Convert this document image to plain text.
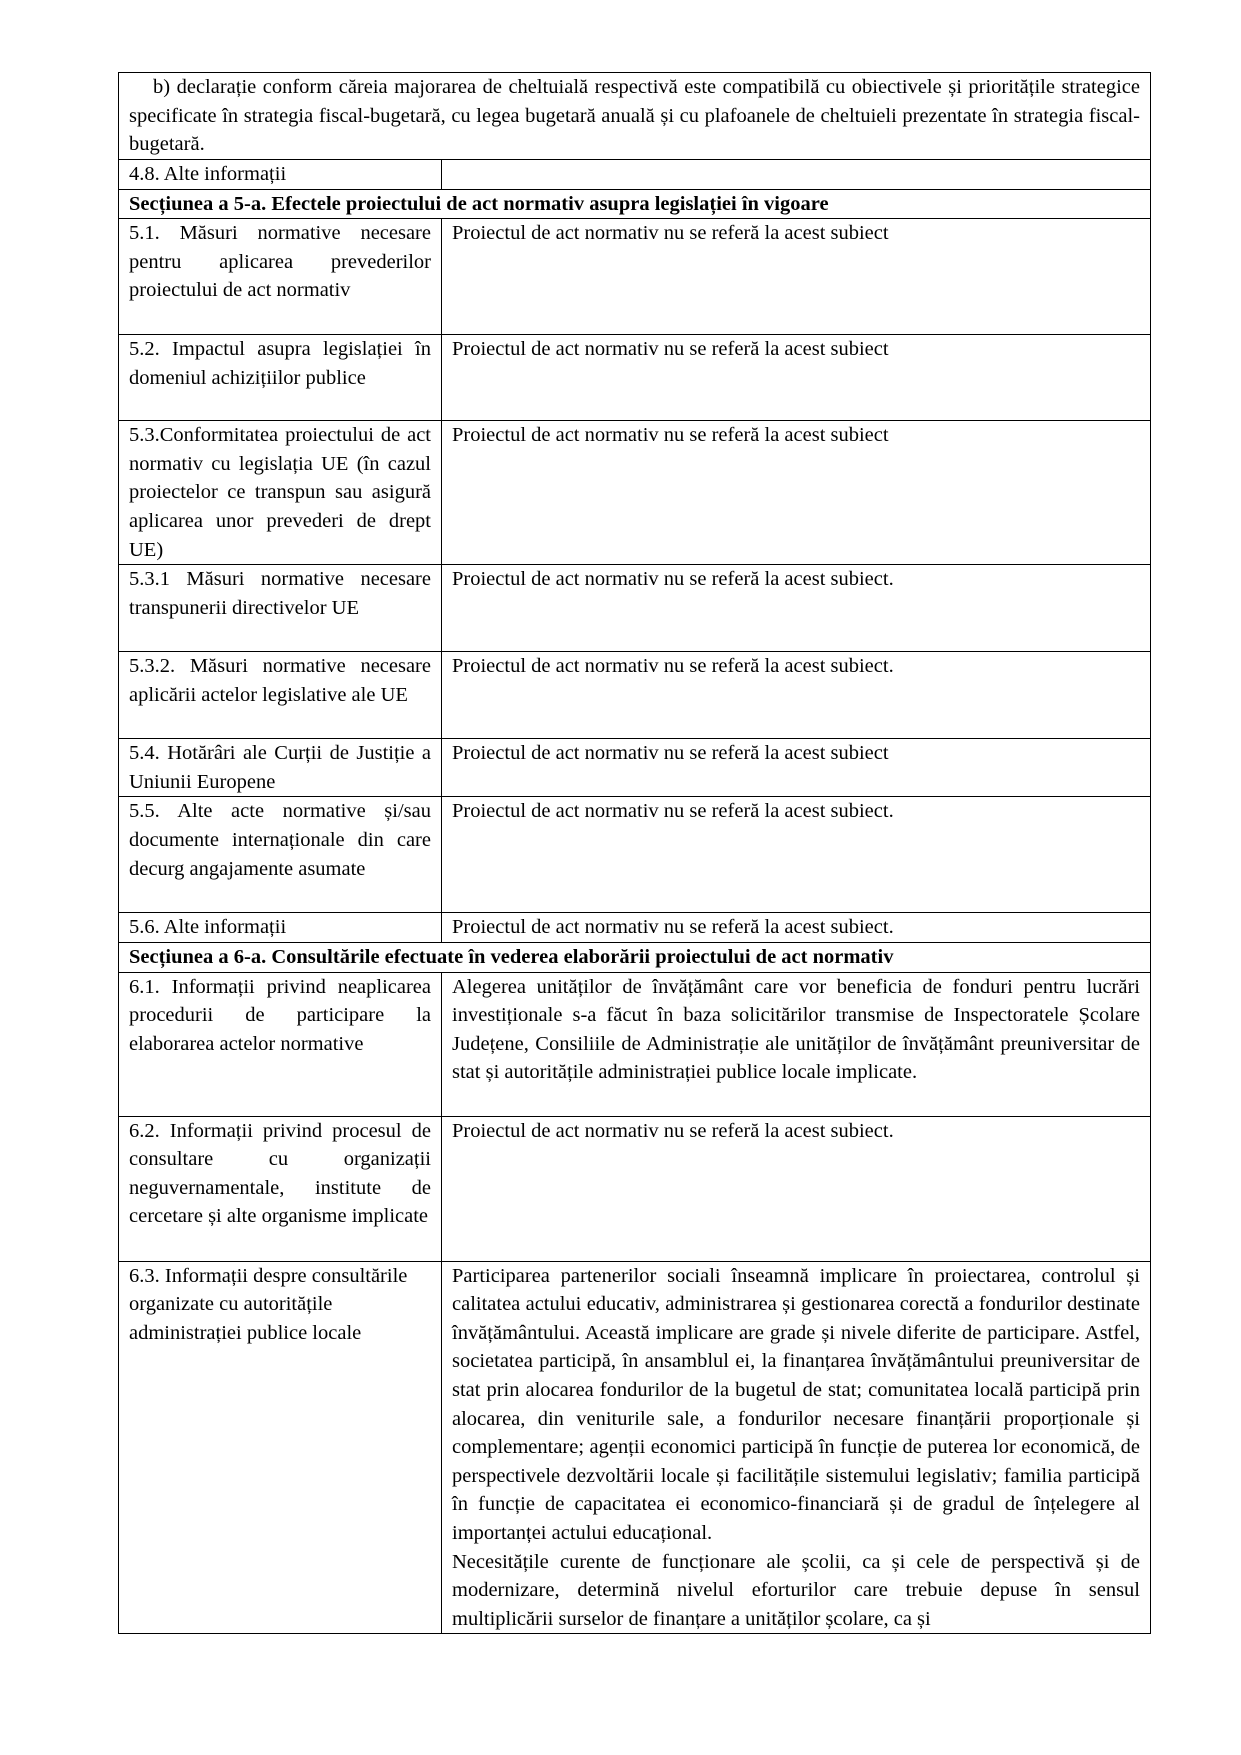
b) declarație conform căreia majorarea de cheltuială respectivă este compatibilă cu obiectivele și prioritățile strategice specificate în strategia fiscal-bugetară, cu legea bugetară anuală și cu plafoanele de cheltuieli prezentate în strategia fiscal-bugetară.	
4.8. Alte informații	
Secțiunea a 5-a. Efectele proiectului de act normativ asupra legislației în vigoare	
5.1. Măsuri normative necesare pentru aplicarea prevederilor proiectului de act normativ	Proiectul de act normativ nu se referă la acest subiect
5.2. Impactul asupra legislației în domeniul achizițiilor publice	Proiectul de act normativ nu se referă la acest subiect
5.3.Conformitatea proiectului de act normativ cu legislația UE (în cazul proiectelor ce transpun sau asigură aplicarea unor prevederi de drept UE)	Proiectul de act normativ nu se referă la acest subiect
5.3.1 Măsuri normative necesare transpunerii directivelor UE	Proiectul de act normativ nu se referă la acest subiect.
5.3.2. Măsuri normative necesare aplicării actelor legislative ale UE	Proiectul de act normativ nu se referă la acest subiect.
5.4. Hotărâri ale Curții de Justiție a Uniunii Europene	Proiectul de act normativ nu se referă la acest subiect
5.5. Alte acte normative și/sau documente internaționale din care decurg angajamente asumate	Proiectul de act normativ nu se referă la acest subiect.
5.6. Alte informații	Proiectul de act normativ nu se referă la acest subiect.
Secțiunea a 6-a. Consultările efectuate în vederea elaborării proiectului de act normativ	
6.1. Informații privind neaplicarea procedurii de participare la elaborarea actelor normative	Alegerea unităților de învățământ care vor beneficia de fonduri pentru lucrări investiționale s-a făcut în baza solicitărilor transmise de Inspectoratele Școlare Județene, Consiliile de Administrație ale unităților de învățământ preuniversitar de stat și autoritățile administrației publice locale implicate.
6.2. Informații privind procesul de consultare cu organizații neguvernamentale, institute de cercetare și alte organisme implicate	Proiectul de act normativ nu se referă la acest subiect.
6.3. Informații despre consultările organizate cu autoritățile administrației publice locale	Participarea partenerilor sociali înseamnă implicare în proiectarea, controlul și calitatea actului educativ, administrarea și gestionarea corectă a fondurilor destinate învățământului. Această implicare are grade și nivele diferite de participare. Astfel, societatea participă, în ansamblul ei, la finanțarea învățământului preuniversitar de stat prin alocarea fondurilor de la bugetul de stat; comunitatea locală participă prin alocarea, din veniturile sale, a fondurilor necesare finanțării proporționale și complementare; agenții economici participă în funcție de puterea lor economică, de perspectivele dezvoltării locale și facilitățile sistemului legislativ; familia participă în funcție de capacitatea ei economico-financiară și de gradul de înțelegere al importanței actului educațional.

Necesitățile curente de funcționare ale școlii, ca și cele de perspectivă și de modernizare, determină nivelul eforturilor care trebuie depuse în sensul multiplicării surselor de finanțare a unităților școlare, ca și
